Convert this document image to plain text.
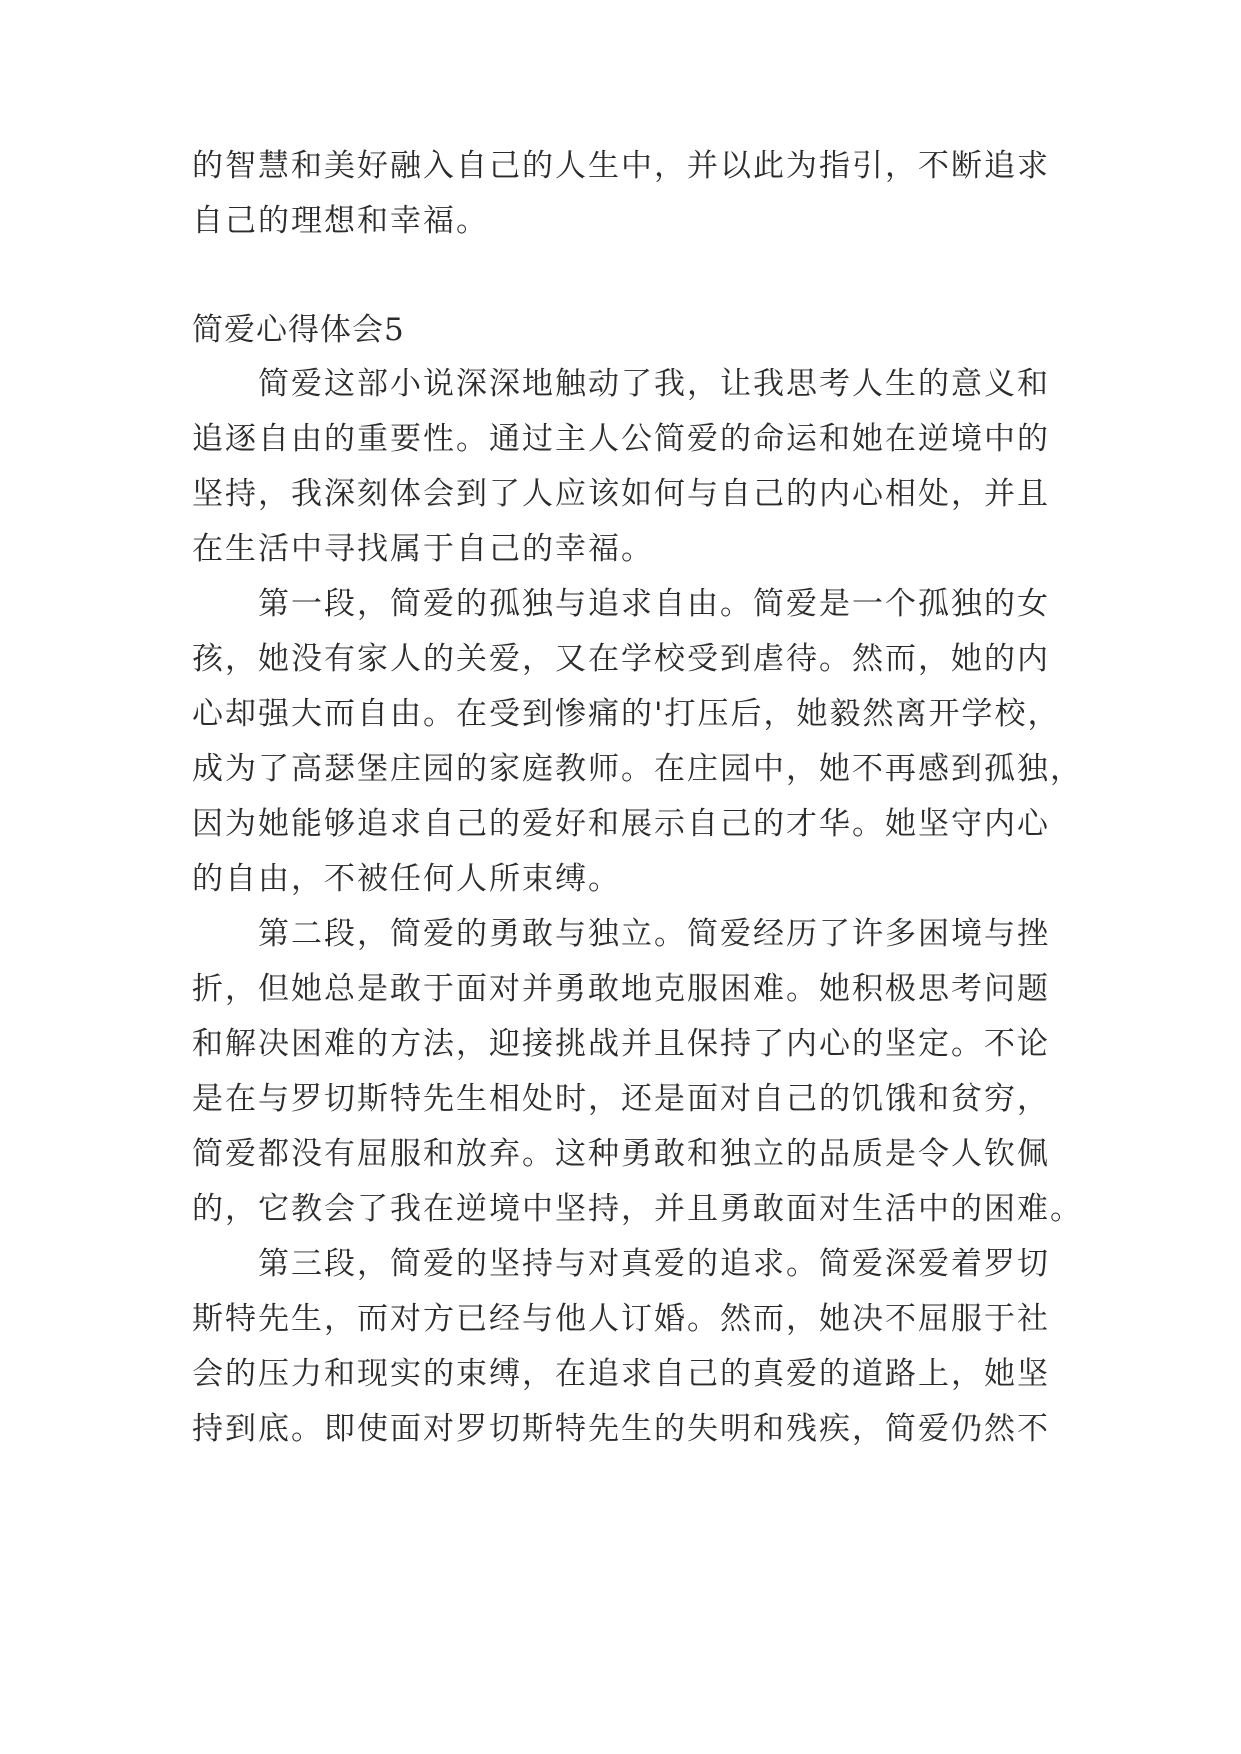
的智慧和美好融入自己的人生中，并以此为指引，不断追求
自己的理想和幸福。
简爱心得体会5
简爱这部小说深深地触动了我，让我思考人生的意义和
追逐自由的重要性。通过主人公简爱的命运和她在逆境中的
坚持，我深刻体会到了人应该如何与自己的内心相处，并且
在生活中寻找属于自己的幸福。
第一段，简爱的孤独与追求自由。简爱是一个孤独的女
孩，她没有家人的关爱，又在学校受到虐待。然而，她的内
心却强大而自由。在受到惨痛的'打压后，她毅然离开学校，
成为了高瑟堡庄园的家庭教师。在庄园中，她不再感到孤独，
因为她能够追求自己的爱好和展示自己的才华。她坚守内心
的自由，不被任何人所束缚。
第二段，简爱的勇敢与独立。简爱经历了许多困境与挫
折，但她总是敢于面对并勇敢地克服困难。她积极思考问题
和解决困难的方法，迎接挑战并且保持了内心的坚定。不论
是在与罗切斯特先生相处时，还是面对自己的饥饿和贫穷，
简爱都没有屈服和放弃。这种勇敢和独立的品质是令人钦佩
的，它教会了我在逆境中坚持，并且勇敢面对生活中的困难。
第三段，简爱的坚持与对真爱的追求。简爱深爱着罗切
斯特先生，而对方已经与他人订婚。然而，她决不屈服于社
会的压力和现实的束缚，在追求自己的真爱的道路上，她坚
持到底。即使面对罗切斯特先生的失明和残疾，简爱仍然不
